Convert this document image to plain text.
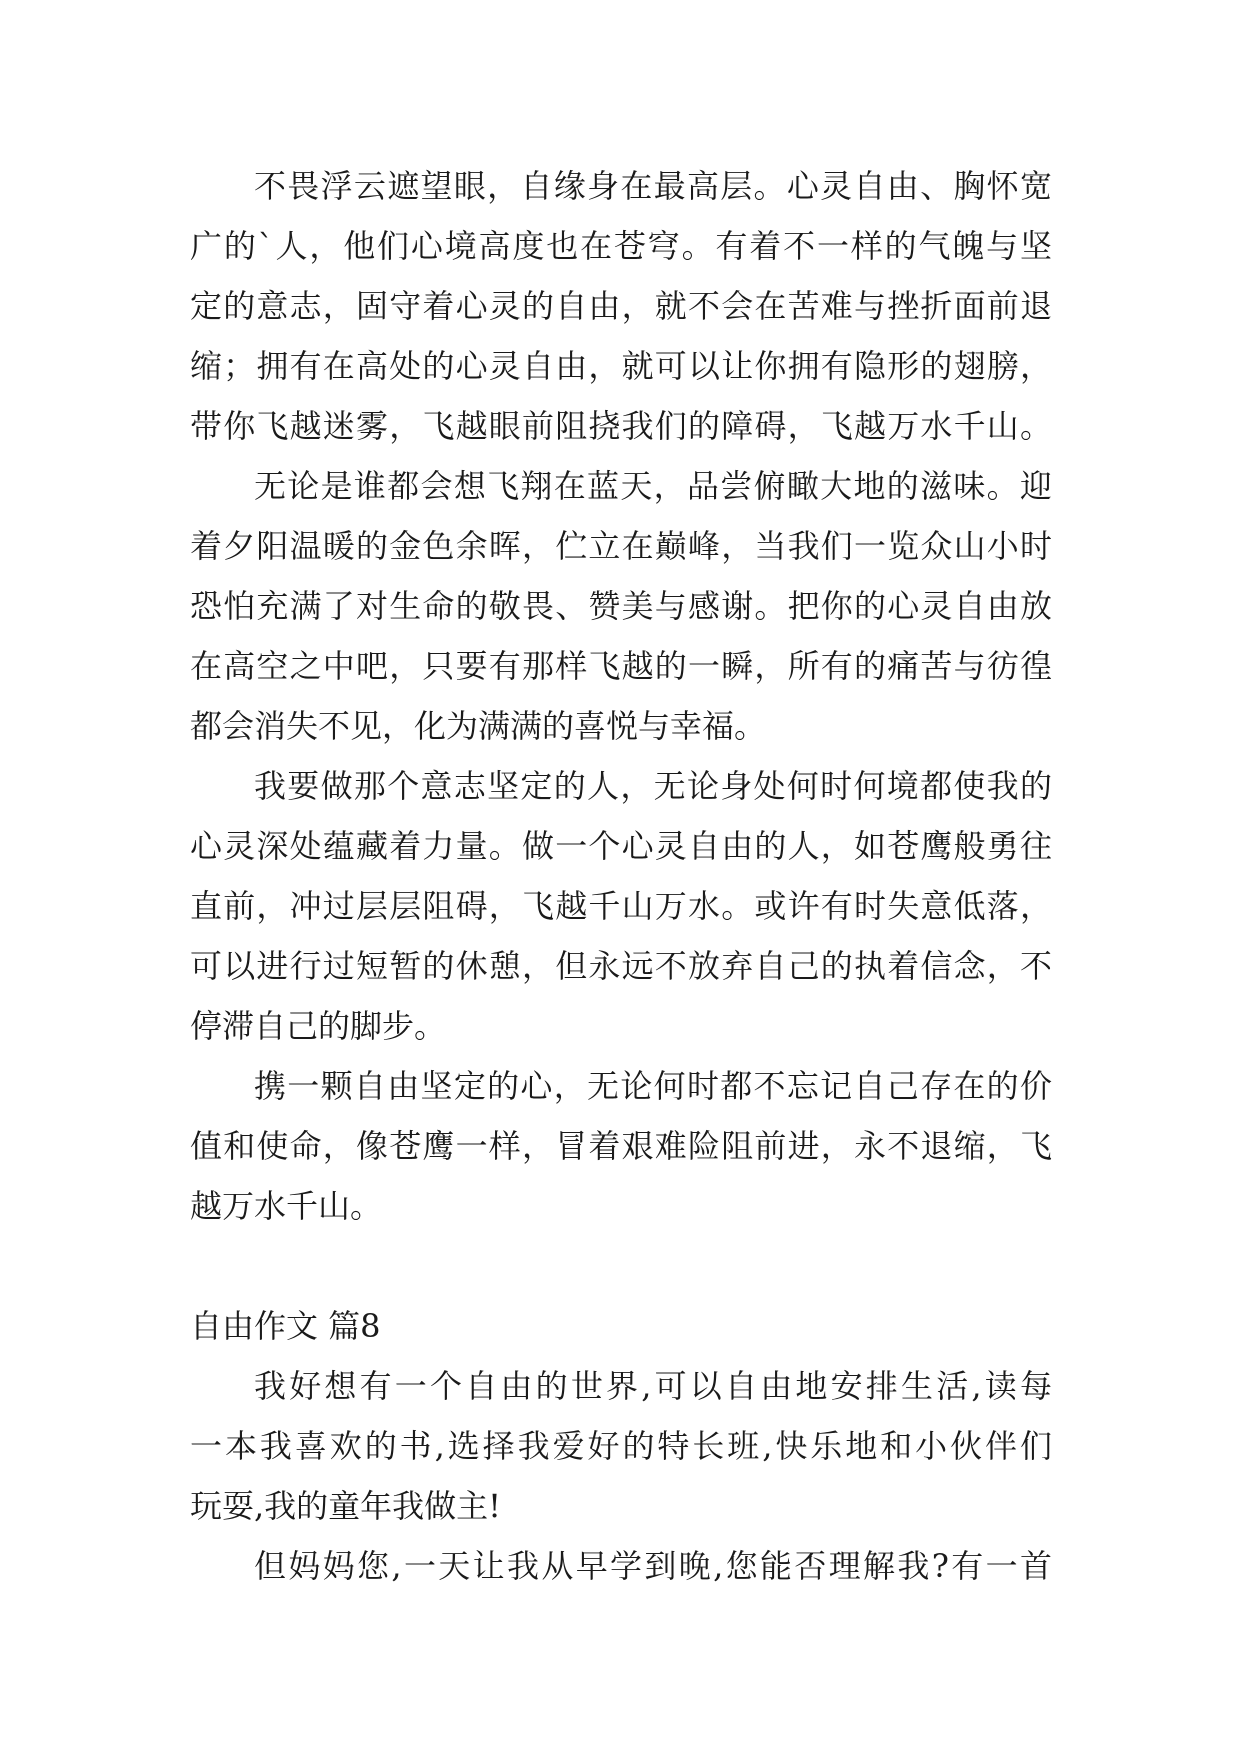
不畏浮云遮望眼，自缘身在最高层。心灵自由、胸怀宽
广的`人，他们心境高度也在苍穹。有着不一样的气魄与坚
定的意志，固守着心灵的自由，就不会在苦难与挫折面前退
缩；拥有在高处的心灵自由，就可以让你拥有隐形的翅膀，
带你飞越迷雾，飞越眼前阻挠我们的障碍，飞越万水千山。
无论是谁都会想飞翔在蓝天，品尝俯瞰大地的滋味。迎
着夕阳温暖的金色余晖，伫立在巅峰，当我们一览众山小时
恐怕充满了对生命的敬畏、赞美与感谢。把你的心灵自由放
在高空之中吧，只要有那样飞越的一瞬，所有的痛苦与彷徨
都会消失不见，化为满满的喜悦与幸福。
我要做那个意志坚定的人，无论身处何时何境都使我的
心灵深处蕴藏着力量。做一个心灵自由的人，如苍鹰般勇往
直前，冲过层层阻碍，飞越千山万水。或许有时失意低落，
可以进行过短暂的休憩，但永远不放弃自己的执着信念，不
停滞自己的脚步。
携一颗自由坚定的心，无论何时都不忘记自己存在的价
值和使命，像苍鹰一样，冒着艰难险阻前进，永不退缩，飞
越万水千山。
自由作文 篇8
我好想有一个自由的世界,可以自由地安排生活,读每
一本我喜欢的书,选择我爱好的特长班,快乐地和小伙伴们
玩耍,我的童年我做主!
但妈妈您,一天让我从早学到晚,您能否理解我?有一首
